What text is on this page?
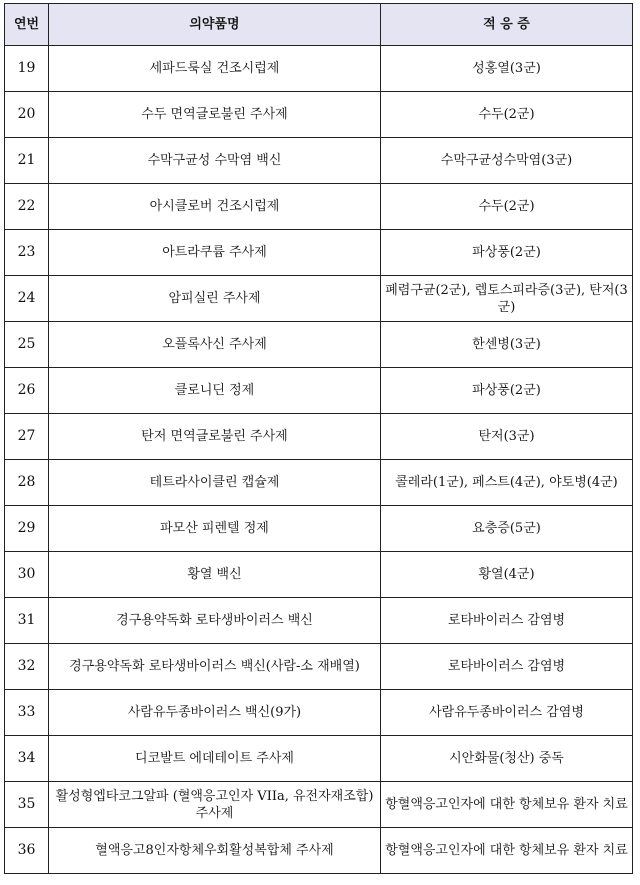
연번	의약품명	적 응 증
19	세파드룩실 건조시럽제	성홍열(3군)
20	수두 면역글로불린 주사제	수두(2군)
21	수막구균성 수막염 백신	수막구균성수막염(3군)
22	아시클로버 건조시럽제	수두(2군)
23	아트라쿠륨 주사제	파상풍(2군)
24	암피실린 주사제	폐렴구균(2군), 렙토스피라증(3군), 탄저(3군)
25	오플록사신 주사제	한센병(3군)
26	클로니딘 정제	파상풍(2군)
27	탄저 면역글로불린 주사제	탄저(3군)
28	테트라사이클린 캡슐제	콜레라(1군), 페스트(4군), 야토병(4군)
29	파모산 피렌텔 정제	요충증(5군)
30	황열 백신	황열(4군)
31	경구용약독화 로타생바이러스 백신	로타바이러스 감염병
32	경구용약독화 로타생바이러스 백신(사람-소 재배열)	로타바이러스 감염병
33	사람유두종바이러스 백신(9가)	사람유두종바이러스 감염병
34	디코발트 에데테이트 주사제	시안화물(청산) 중독
35	활성형엡타코그알파 (혈액응고인자 VIIa, 유전자재조합)주사제	항혈액응고인자에 대한 항체보유 환자 치료
36	혈액응고8인자항체우회활성복합체 주사제	항혈액응고인자에 대한 항체보유 환자 치료
